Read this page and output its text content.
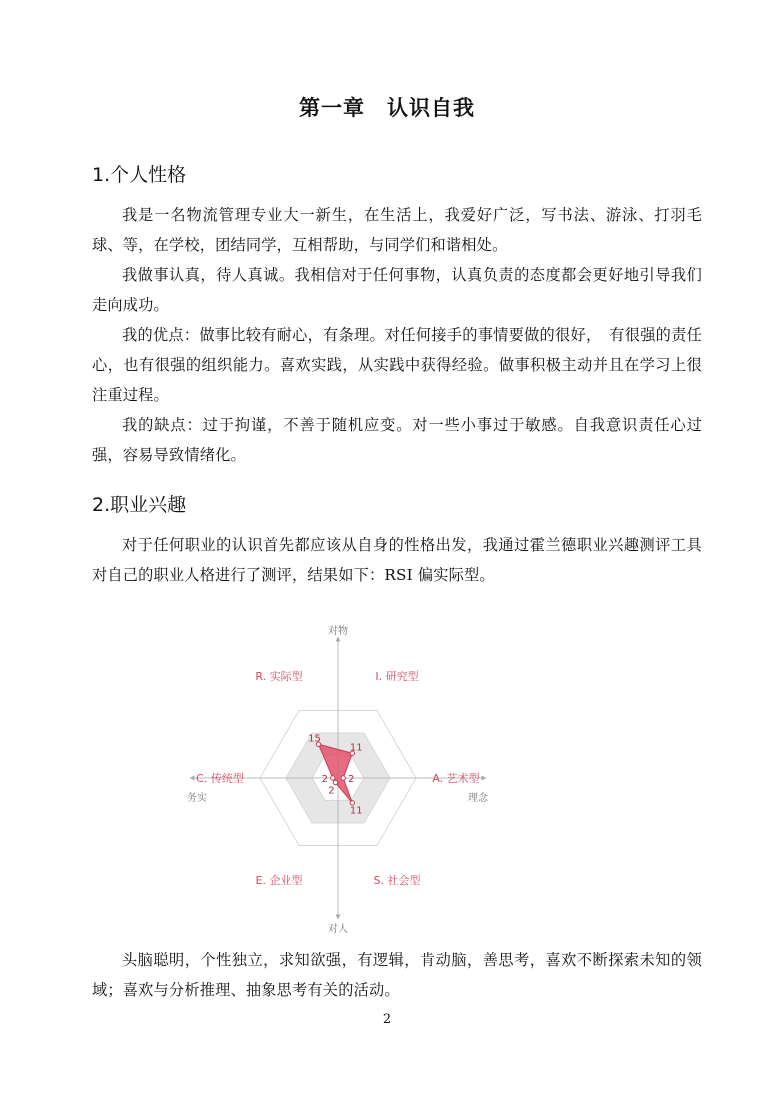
第一章　认识自我
1.个人性格
我是一名物流管理专业大一新生，在生活上，我爱好广泛，写书法、游泳、打羽毛球、等，在学校，团结同学，互相帮助，与同学们和谐相处。
我做事认真，待人真诚。我相信对于任何事物，认真负责的态度都会更好地引导我们走向成功。
我的优点：做事比较有耐心，有条理。对任何接手的事情要做的很好，　有很强的责任心，也有很强的组织能力。喜欢实践，从实践中获得经验。做事积极主动并且在学习上很注重过程。
我的缺点：过于拘谨，不善于随机应变。对一些小事过于敏感。自我意识责任心过强，容易导致情绪化。
2.职业兴趣
对于任何职业的认识首先都应该从自身的性格出发，我通过霍兰德职业兴趣测评工具对自己的职业人格进行了测评，结果如下：RSI 偏实际型。
对物
对人
务实	理念
15
11
2
11
2
2
R. 实际型	I. 研究型
A. 艺术型
S. 社会型
E. 企业型
C. 传统型
头脑聪明，个性独立，求知欲强，有逻辑，肯动脑，善思考，喜欢不断探索未知的领域；喜欢与分析推理、抽象思考有关的活动。
2
